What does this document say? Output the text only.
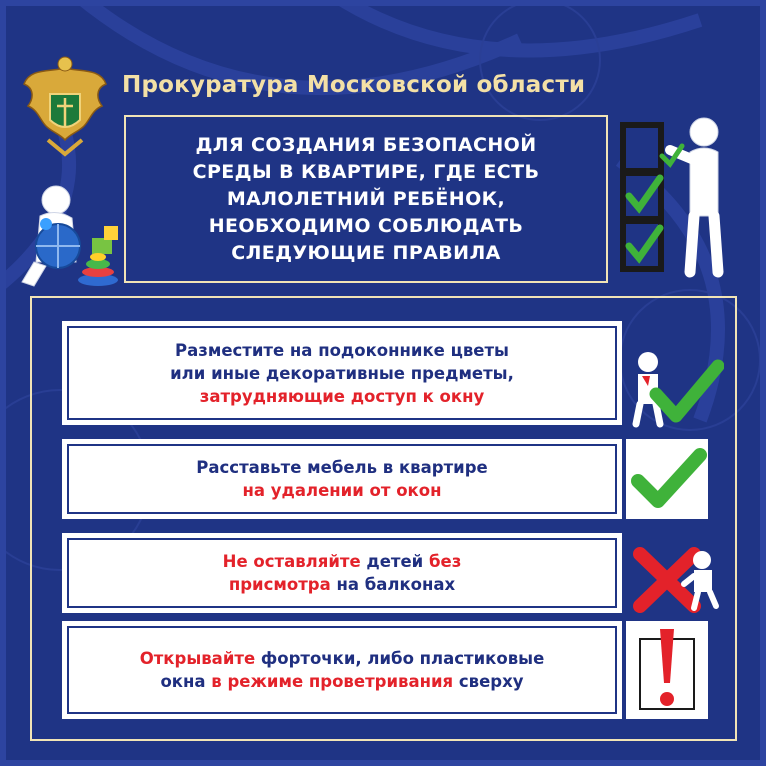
Прокуратура Московской области
ДЛЯ СОЗДАНИЯ БЕЗОПАСНОЙ
СРЕДЫ В КВАРТИРЕ, ГДЕ ЕСТЬ
МАЛОЛЕТНИЙ РЕБЁНОК,
НЕОБХОДИМО СОБЛЮДАТЬ
СЛЕДУЮЩИЕ ПРАВИЛА
Разместите на подоконнике цветы
или иные декоративные предметы,
затрудняющие доступ к окну
Расставьте мебель в квартире
на удалении от окон
Не оставляйте детей без
присмотра на балконах
Открывайте форточки, либо пластиковые
окна в режиме проветривания сверху
